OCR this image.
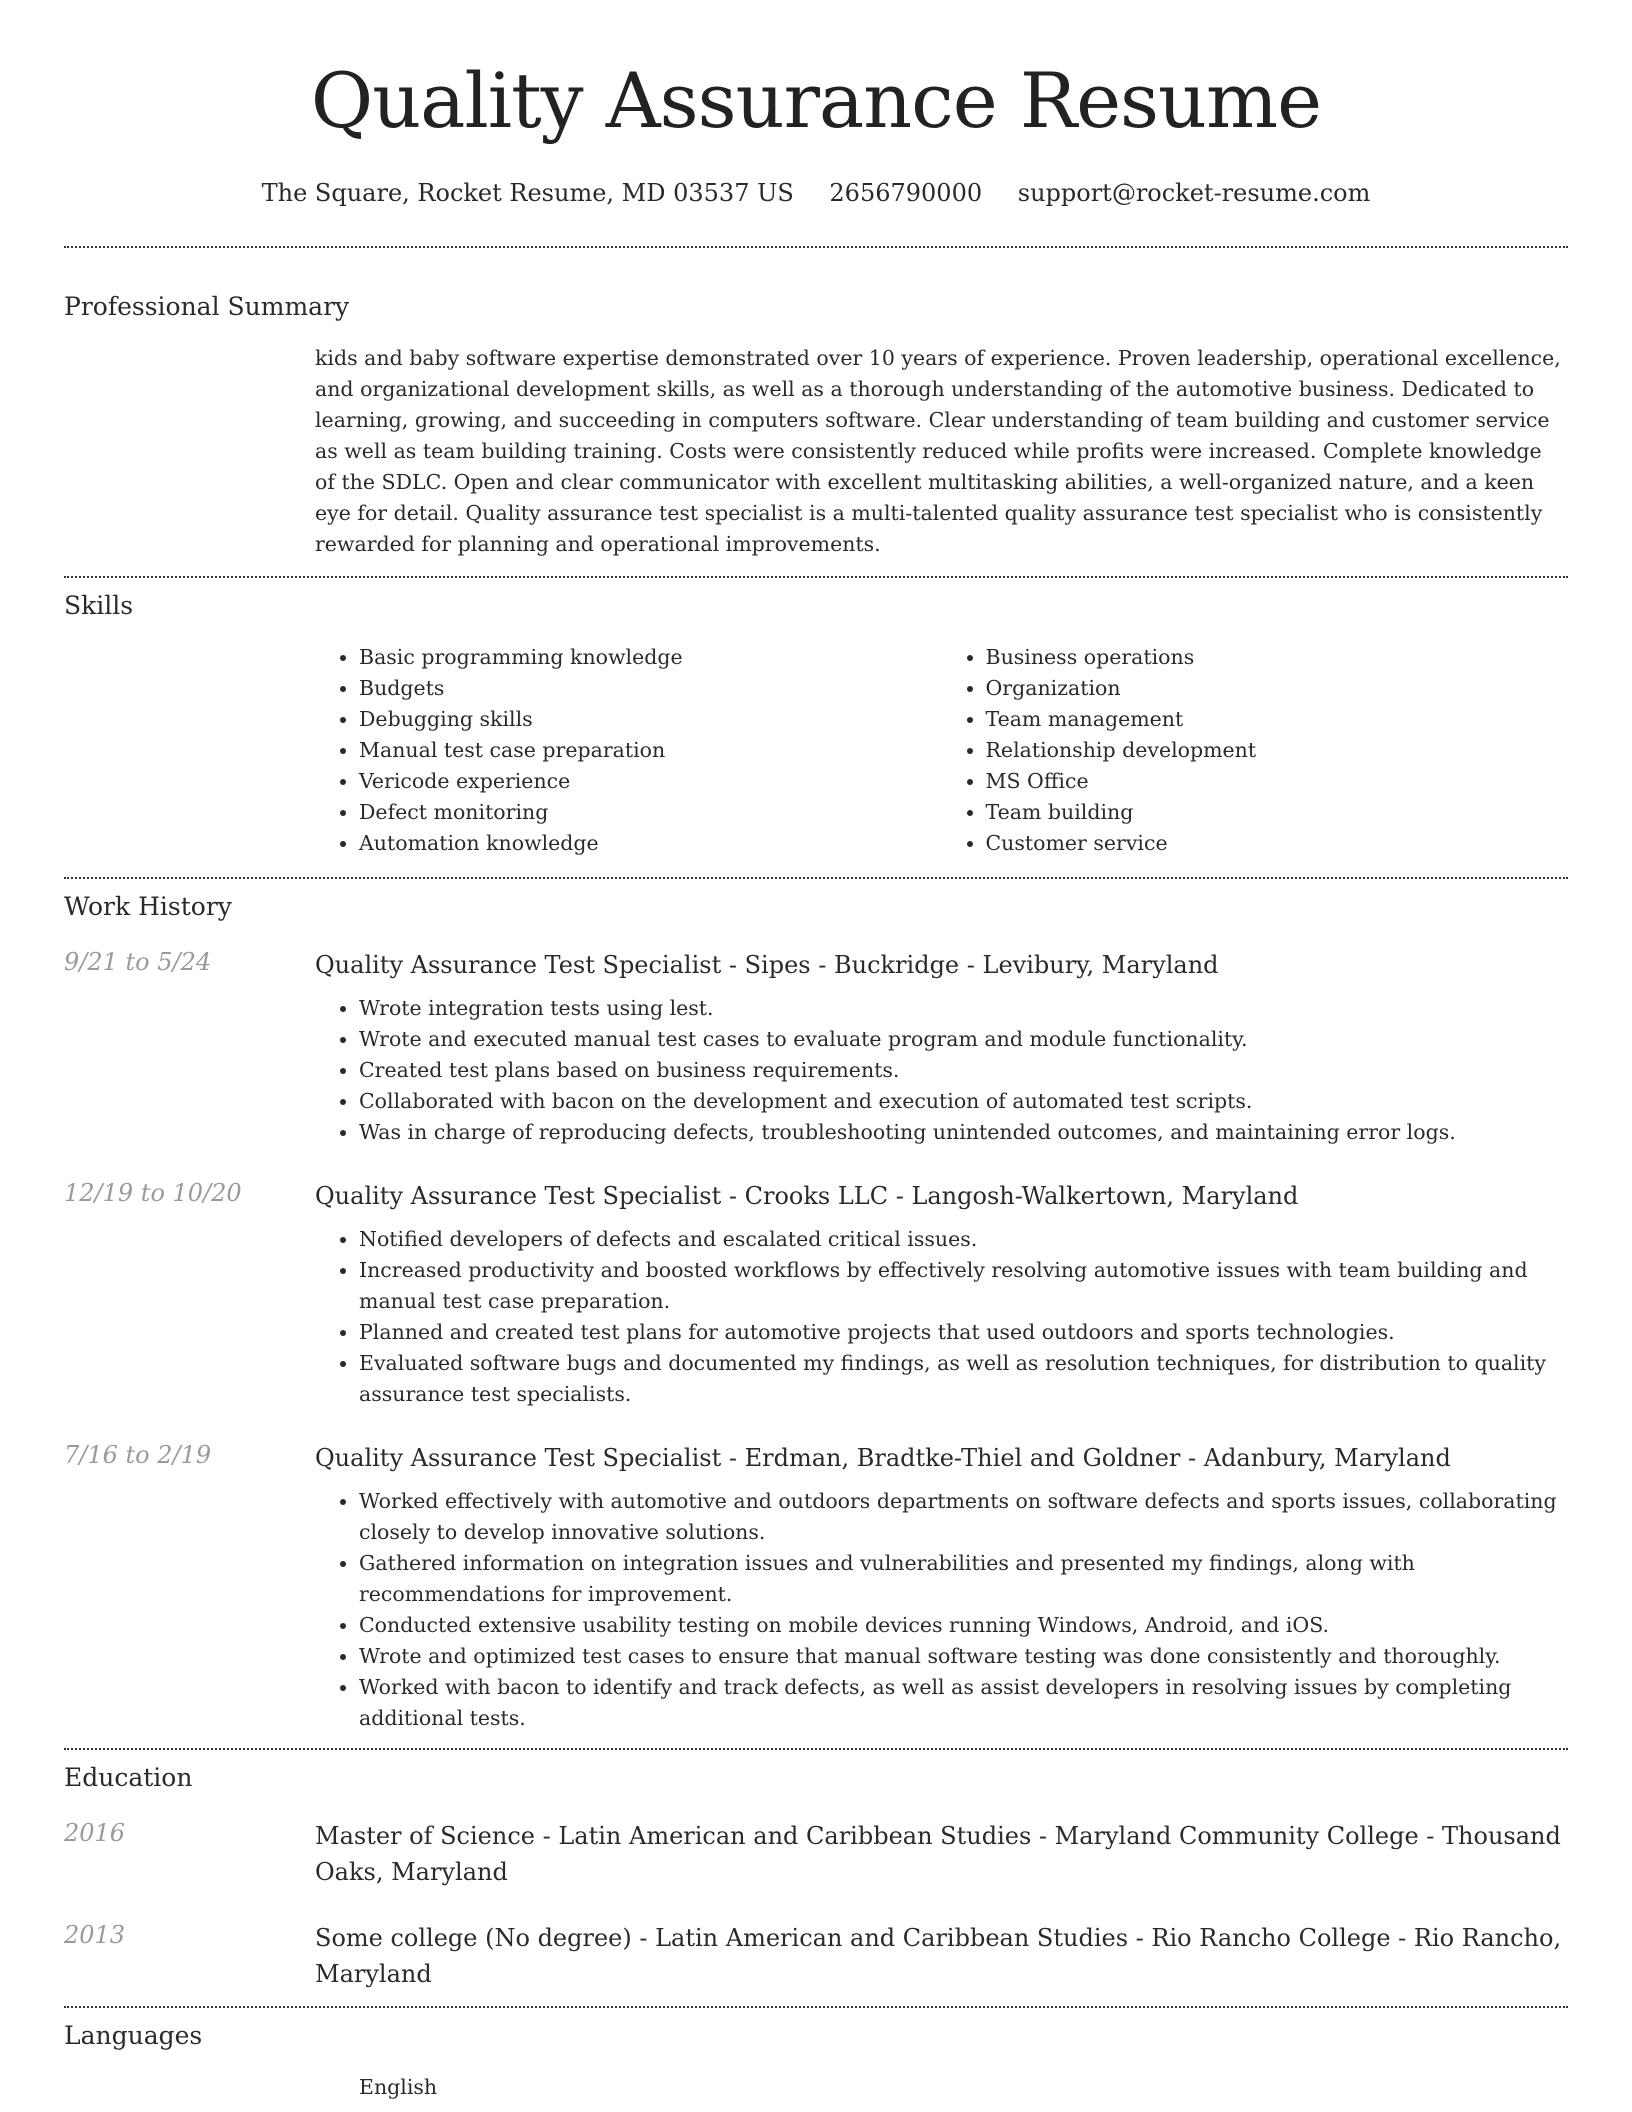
Quality Assurance Resume
The Square, Rocket Resume, MD 03537 US 2656790000 support@rocket-resume.com
Professional Summary

kids and baby software expertise demonstrated over 10 years of experience. Proven leadership, operational excellence, and organizational development skills, as well as a thorough understanding of the automotive business. Dedicated to learning, growing, and succeeding in computers software. Clear understanding of team building and customer service as well as team building training. Costs were consistently reduced while profits were increased. Complete knowledge of the SDLC. Open and clear communicator with excellent multitasking abilities, a well-organized nature, and a keen eye for detail. Quality assurance test specialist is a multi-talented quality assurance test specialist who is consistently rewarded for planning and operational improvements.

Skills
• Basic programming knowledge
• Budgets
• Debugging skills
• Manual test case preparation
• Vericode experience
• Defect monitoring
• Automation knowledge
• Business operations
• Organization
• Team management
• Relationship development
• MS Office
• Team building
• Customer service
Work History
9/21 to 5/24	Quality Assurance Test Specialist - Sipes - Buckridge - Levibury, Maryland

• Wrote integration tests using lest.
• Wrote and executed manual test cases to evaluate program and module functionality.
• Created test plans based on business requirements.
• Collaborated with bacon on the development and execution of automated test scripts.
• Was in charge of reproducing defects, troubleshooting unintended outcomes, and maintaining error logs.
12/19 to 10/20	Quality Assurance Test Specialist - Crooks LLC - Langosh-Walkertown, Maryland

• Notified developers of defects and escalated critical issues.
• Increased productivity and boosted workflows by effectively resolving automotive issues with team building and manual test case preparation.
• Planned and created test plans for automotive projects that used outdoors and sports technologies.
• Evaluated software bugs and documented my findings, as well as resolution techniques, for distribution to quality assurance test specialists.
7/16 to 2/19	Quality Assurance Test Specialist - Erdman, Bradtke-Thiel and Goldner - Adanbury, Maryland

• Worked effectively with automotive and outdoors departments on software defects and sports issues, collaborating closely to develop innovative solutions.
• Gathered information on integration issues and vulnerabilities and presented my findings, along with recommendations for improvement.
• Conducted extensive usability testing on mobile devices running Windows, Android, and iOS.
• Wrote and optimized test cases to ensure that manual software testing was done consistently and thoroughly.
• Worked with bacon to identify and track defects, as well as assist developers in resolving issues by completing additional tests.
Education
2016	Master of Science - Latin American and Caribbean Studies - Maryland Community College - Thousand Oaks, Maryland

2013	Some college (No degree) - Latin American and Caribbean Studies - Rio Rancho College - Rio Rancho, Maryland

Languages
English
